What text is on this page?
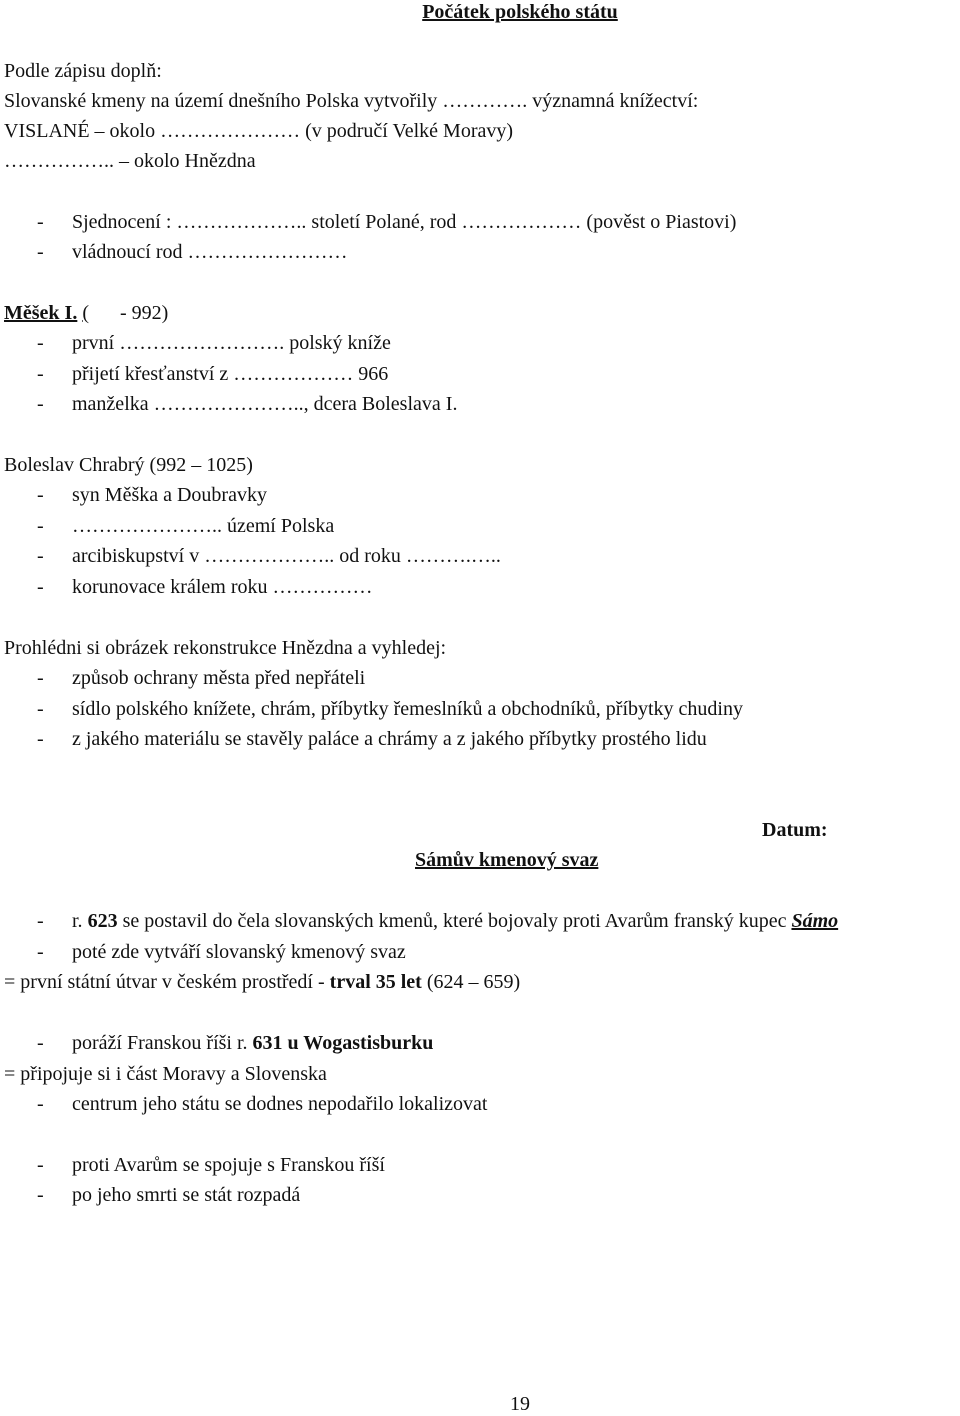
Počátek polského státu
Podle zápisu doplň:
Slovanské kmeny na území dnešního Polska vytvořily …………. významná knížectví:
VISLANÉ – okolo ………………… (v područí Velké Moravy)
…………….. – okolo Hnězdna
- Sjednocení : ……………….. století Polané, rod ……………… (pověst o Piastovi)
- vládnoucí rod ……………………
Měšek I. ( - 992)
- první ……………………. polský kníže
- přijetí křesťanství z ……………… 966
- manželka ………………….., dcera Boleslava I.
Boleslav Chrabrý (992 – 1025)
- syn Měška a Doubravky
- ………………….. území Polska
- arcibiskupství v ……………….. od roku ……….…..
- korunovace králem roku ……………
Prohlédni si obrázek rekonstrukce Hnězdna a vyhledej:
- způsob ochrany města před nepřáteli
- sídlo polského knížete, chrám, příbytky řemeslníků a obchodníků, příbytky chudiny
- z jakého materiálu se stavěly paláce a chrámy a z jakého příbytky prostého lidu
Datum:
Sámův kmenový svaz
- r. 623 se postavil do čela slovanských kmenů, které bojovaly proti Avarům franský kupec Sámo
- poté zde vytváří slovanský kmenový svaz
= první státní útvar v českém prostředí - trval 35 let (624 – 659)
- poráží Franskou říši r. 631 u Wogastisburku
= připojuje si i část Moravy a Slovenska
- centrum jeho státu se dodnes nepodařilo lokalizovat
- proti Avarům se spojuje s Franskou říší
- po jeho smrti se stát rozpadá
19
